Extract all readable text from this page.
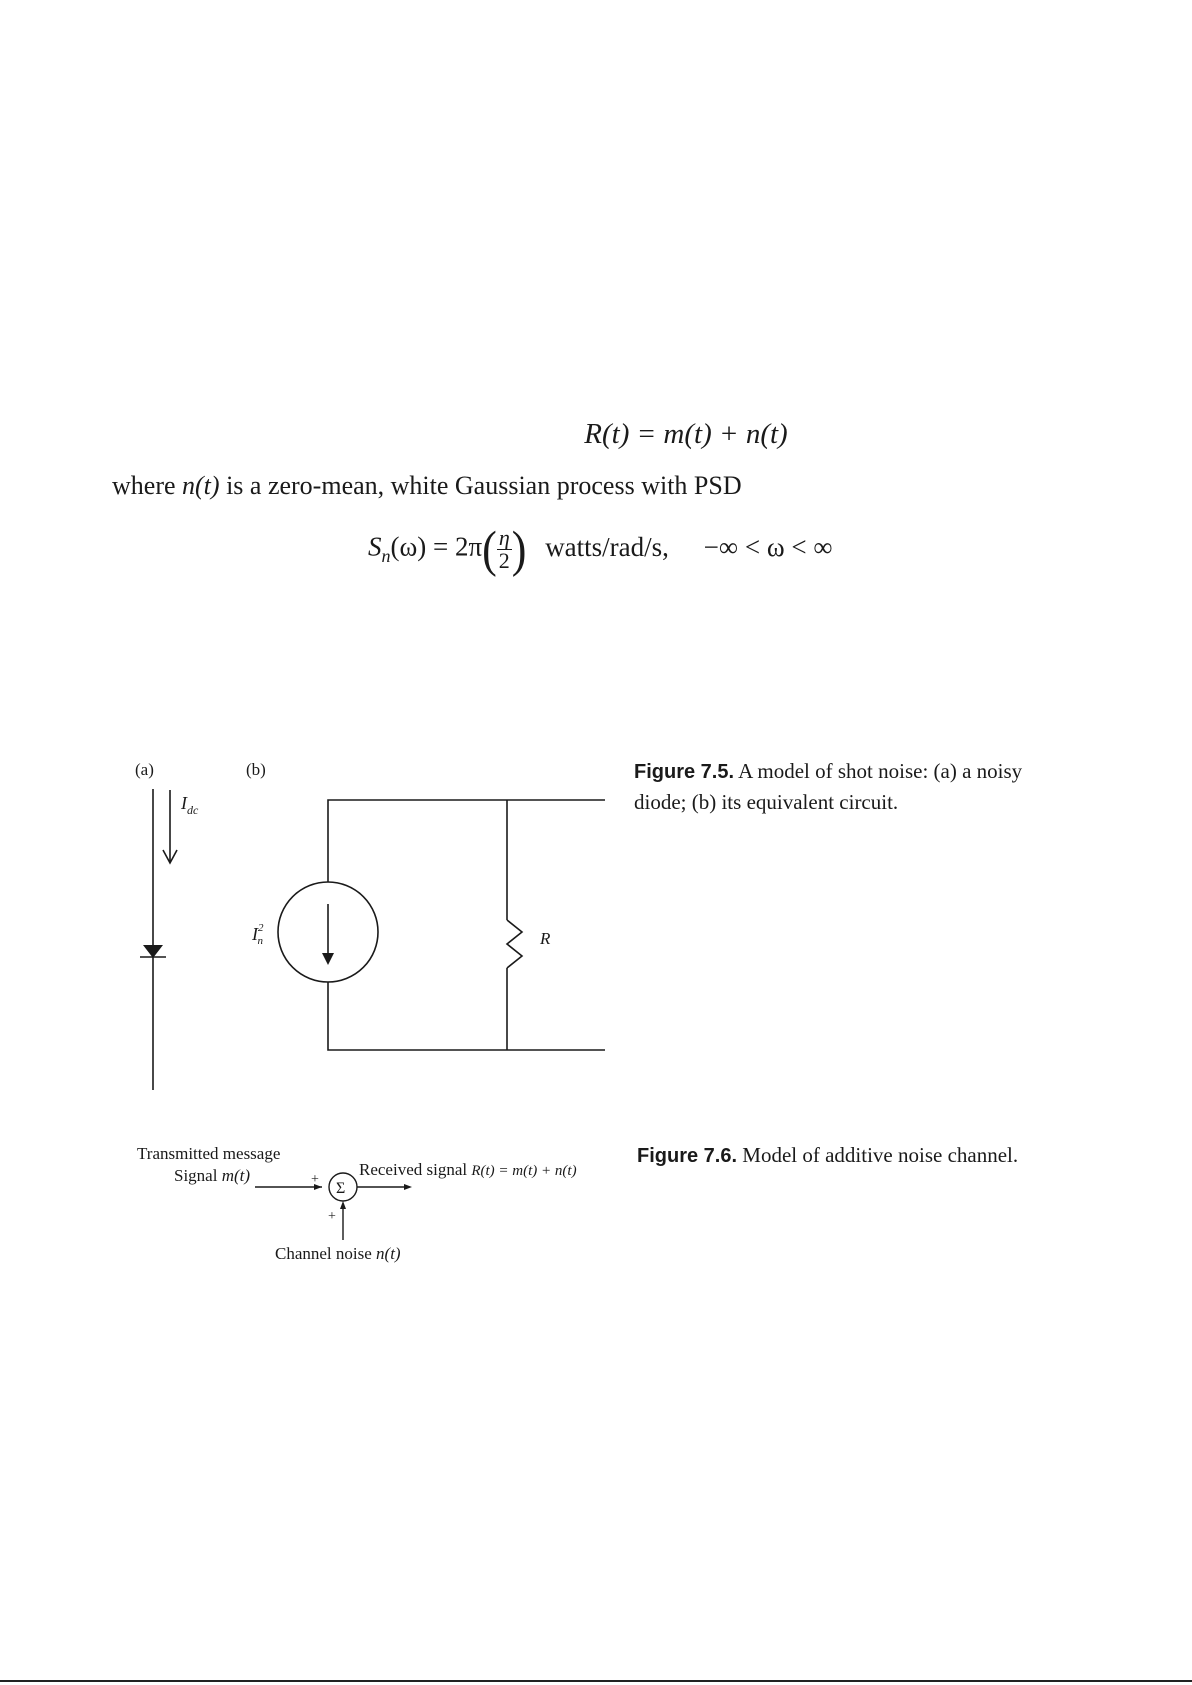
R(t) = m(t) + n(t)
where n(t) is a zero-mean, white Gaussian process with PSD
$S_n(\omega) = 2\pi( \frac{\eta}{2}$ ) watts/rad/s, −∞ < ω < ∞
(a)	(b)
$I_{dc}$
$I^2$ n	R
Σ
+
+
Transmitted message
Signal m(t)	Received signal R(t) = m(t) + n(t)
Channel noise n(t)
Figure 7.5. A model of shot noise: (a) a noisy diode; (b) its equivalent circuit.
Figure 7.6. Model of additive noise channel.
